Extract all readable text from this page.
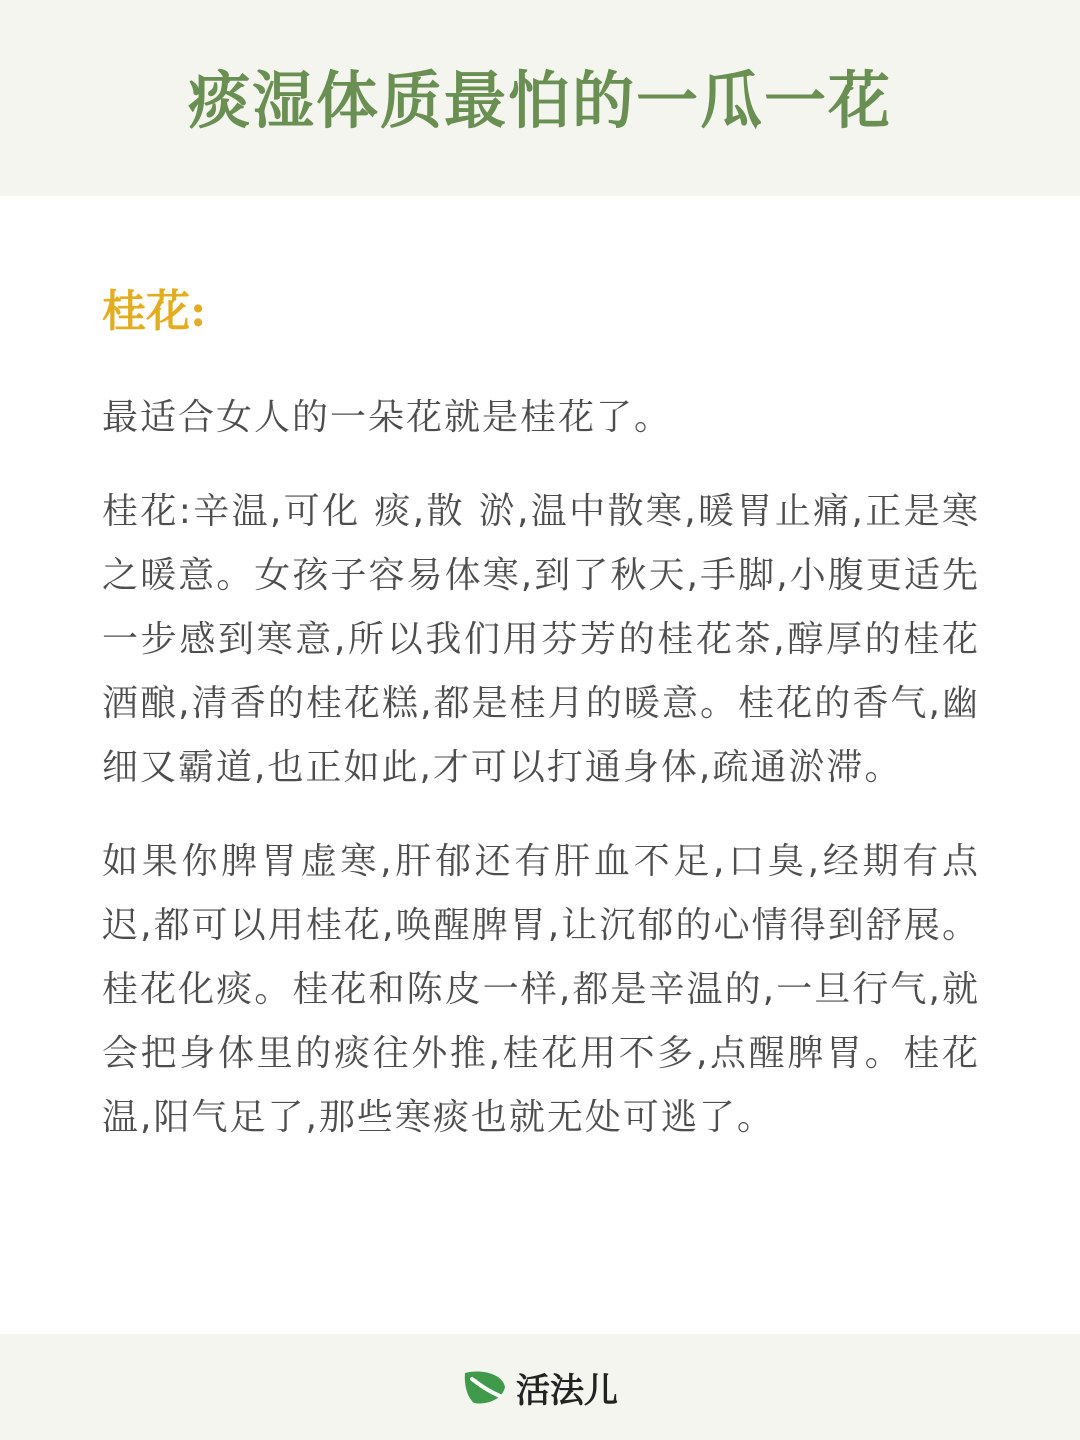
痰湿体质最怕的一瓜一花
桂花:

最适合女人的一朵花就是桂花了。

桂花:辛温,可化 痰,散 淤,温中散寒,暖胃止痛,正是寒之暖意。女孩子容易体寒,到了秋天,手脚,小腹更适先一步感到寒意,所以我们用芬芳的桂花茶,醇厚的桂花酒酿,清香的桂花糕,都是桂月的暖意。桂花的香气,幽细又霸道,也正如此,才可以打通身体,疏通淤滞。

如果你脾胃虚寒,肝郁还有肝血不足,口臭,经期有点迟,都可以用桂花,唤醒脾胃,让沉郁的心情得到舒展。桂花化痰。桂花和陈皮一样,都是辛温的,一旦行气,就会把身体里的痰往外推,桂花用不多,点醒脾胃。桂花温,阳气足了,那些寒痰也就无处可逃了。

活法儿
